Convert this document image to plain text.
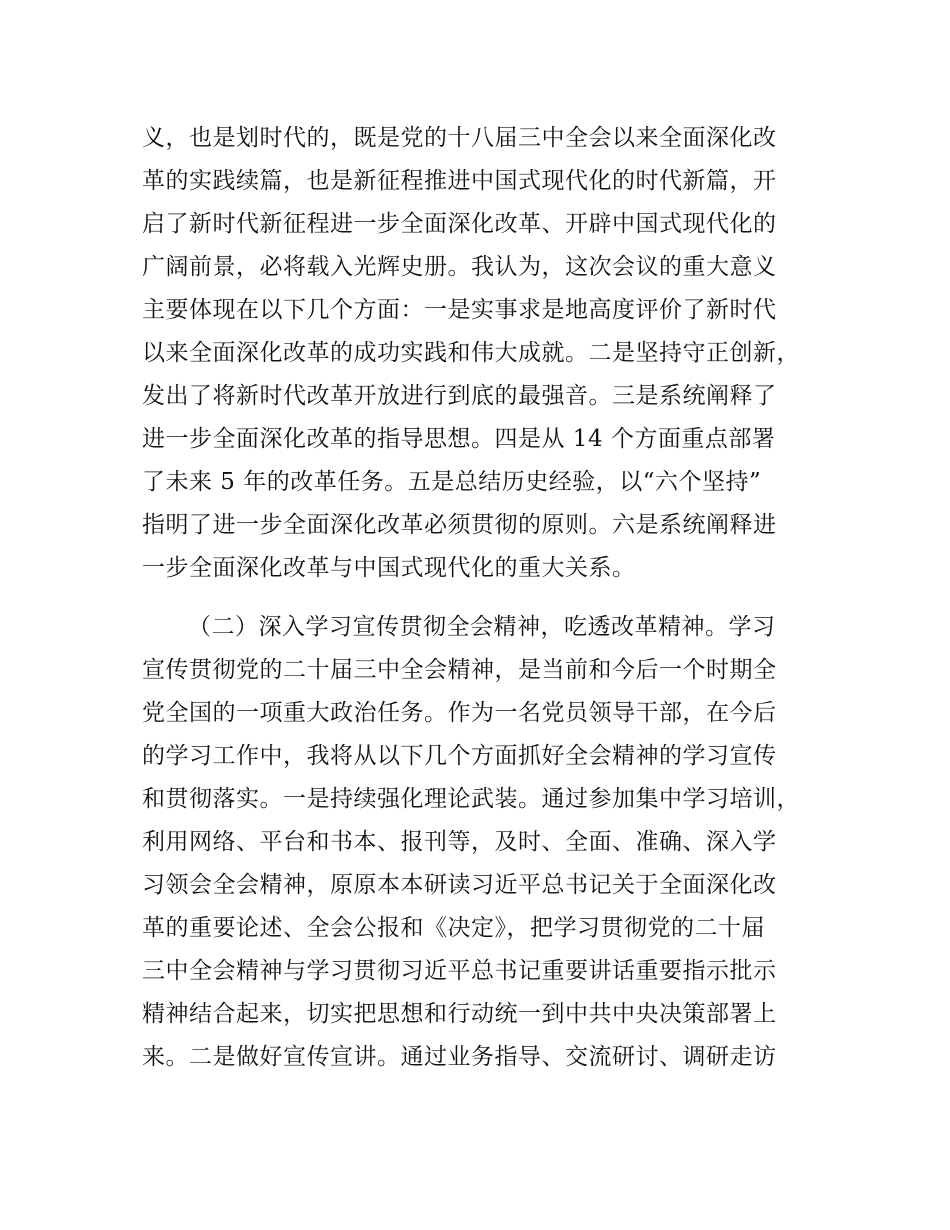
义，也是划时代的，既是党的十八届三中全会以来全面深化改
革的实践续篇，也是新征程推进中国式现代化的时代新篇，开
启了新时代新征程进一步全面深化改革、开辟中国式现代化的
广阔前景，必将载入光辉史册。我认为，这次会议的重大意义
主要体现在以下几个方面：一是实事求是地高度评价了新时代
以来全面深化改革的成功实践和伟大成就。二是坚持守正创新，
发出了将新时代改革开放进行到底的最强音。三是系统阐释了
进一步全面深化改革的指导思想。四是从 14 个方面重点部署
了未来 5 年的改革任务。五是总结历史经验，以“六个坚持”
指明了进一步全面深化改革必须贯彻的原则。六是系统阐释进
一步全面深化改革与中国式现代化的重大关系。
（二）深入学习宣传贯彻全会精神，吃透改革精神。学习
宣传贯彻党的二十届三中全会精神，是当前和今后一个时期全
党全国的一项重大政治任务。作为一名党员领导干部，在今后
的学习工作中，我将从以下几个方面抓好全会精神的学习宣传
和贯彻落实。一是持续强化理论武装。通过参加集中学习培训，
利用网络、平台和书本、报刊等，及时、全面、准确、深入学
习领会全会精神，原原本本研读习近平总书记关于全面深化改
革的重要论述、全会公报和《决定》，把学习贯彻党的二十届
三中全会精神与学习贯彻习近平总书记重要讲话重要指示批示
精神结合起来，切实把思想和行动统一到中共中央决策部署上
来。二是做好宣传宣讲。通过业务指导、交流研讨、调研走访
